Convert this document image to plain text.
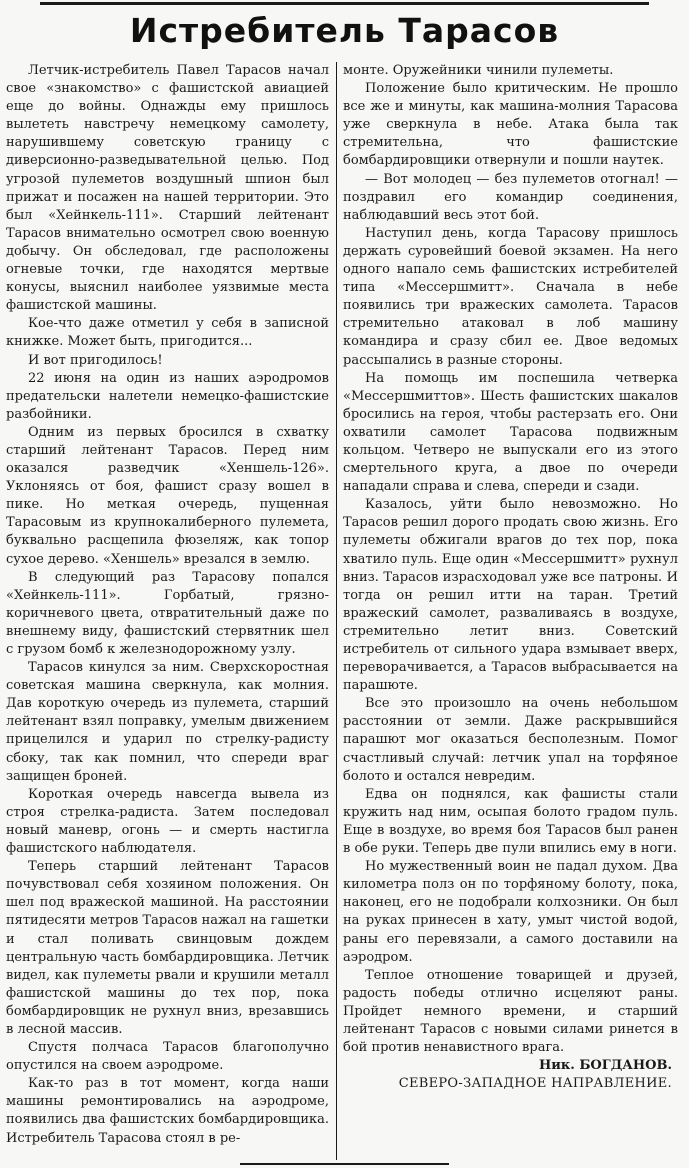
Истребитель Тарасов

Летчик-истребитель Павел Тарасов начал свое «знакомство» с фашистской авиацией еще до войны. Однажды ему пришлось вылететь навстречу немецкому самолету, нарушившему советскую границу с диверсионно-разведывательной целью. Под угрозой пулеметов воздушный шпион был прижат и посажен на нашей территории. Это был «Хейнкель-111». Старший лейтенант Тарасов внимательно осмотрел свою военную добычу. Он обследовал, где расположены огневые точки, где находятся мертвые конусы, выяснил наиболее уязвимые места фашистской машины.

Кое-что даже отметил у себя в записной книжке. Может быть, пригодится...

И вот пригодилось!

22 июня на один из наших аэродромов предательски налетели немецко-фашистские разбойники.

Одним из первых бросился в схватку старший лейтенант Тарасов. Перед ним оказался разведчик «Хеншель-126». Уклоняясь от боя, фашист сразу вошел в пике. Но меткая очередь, пущенная Тарасовым из крупнокалиберного пулемета, буквально расщепила фюзеляж, как топор сухое дерево. «Хеншель» врезался в землю.

В следующий раз Тарасову попался «Хейнкель-111». Горбатый, грязно-коричневого цвета, отвратительный даже по внешнему виду, фашистский стервятник шел с грузом бомб к железнодорожному узлу.

Тарасов кинулся за ним. Сверхскоростная советская машина сверкнула, как молния. Дав короткую очередь из пулемета, старший лейтенант взял поправку, умелым движением прицелился и ударил по стрелку-радисту сбоку, так как помнил, что спереди враг защищен броней.

Короткая очередь навсегда вывела из строя стрелка-радиста. Затем последовал новый маневр, огонь — и смерть настигла фашистского наблюдателя.

Теперь старший лейтенант Тарасов почувствовал себя хозяином положения. Он шел под вражеской машиной. На расстоянии пятидесяти метров Тарасов нажал на гашетки и стал поливать свинцовым дождем центральную часть бомбардировщика. Летчик видел, как пулеметы рвали и крушили металл фашистской машины до тех пор, пока бомбардировщик не рухнул вниз, врезавшись в лесной массив.

Спустя полчаса Тарасов благополучно опустился на своем аэродроме.

Как-то раз в тот момент, когда наши машины ремонтировались на аэродроме, появились два фашистских бомбардировщика. Истребитель Тарасова стоял в ре-

монте. Оружейники чинили пулеметы.

Положение было критическим. Не прошло все же и минуты, как машина-молния Тарасова уже сверкнула в небе. Атака была так стремительна, что фашистские бомбардировщики отвернули и пошли наутек.

— Вот молодец — без пулеметов отогнал! — поздравил его командир соединения, наблюдавший весь этот бой.

Наступил день, когда Тарасову пришлось держать суровейший боевой экзамен. На него одного напало семь фашистских истребителей типа «Мессершмитт». Сначала в небе появились три вражеских самолета. Тарасов стремительно атаковал в лоб машину командира и сразу сбил ее. Двое ведомых рассыпались в разные стороны.

На помощь им поспешила четверка «Мессершмиттов». Шесть фашистских шакалов бросились на героя, чтобы растерзать его. Они охватили самолет Тарасова подвижным кольцом. Четверо не выпускали его из этого смертельного круга, а двое по очереди нападали справа и слева, спереди и сзади.

Казалось, уйти было невозможно. Но Тарасов решил дорого продать свою жизнь. Его пулеметы обжигали врагов до тех пор, пока хватило пуль. Еще один «Мессершмитт» рухнул вниз. Тарасов израсходовал уже все патроны. И тогда он решил итти на таран. Третий вражеский самолет, разваливаясь в воздухе, стремительно летит вниз. Советский истребитель от сильного удара взмывает вверх, переворачивается, а Тарасов выбрасывается на парашюте.

Все это произошло на очень небольшом расстоянии от земли. Даже раскрывшийся парашют мог оказаться бесполезным. Помог счастливый случай: летчик упал на торфяное болото и остался невредим.

Едва он поднялся, как фашисты стали кружить над ним, осыпая болото градом пуль. Еще в воздухе, во время боя Тарасов был ранен в обе руки. Теперь две пули впились ему в ноги.

Но мужественный воин не падал духом. Два километра полз он по торфяному болоту, пока, наконец, его не подобрали колхозники. Он был на руках принесен в хату, умыт чистой водой, раны его перевязали, а самого доставили на аэродром.

Теплое отношение товарищей и друзей, радость победы отлично исцеляют раны. Пройдет немного времени, и старший лейтенант Тарасов с новыми силами ринется в бой против ненавистного врага.

Ник. БОГДАНОВ.
СЕВЕРО-ЗАПАДНОЕ НАПРАВЛЕНИЕ.
